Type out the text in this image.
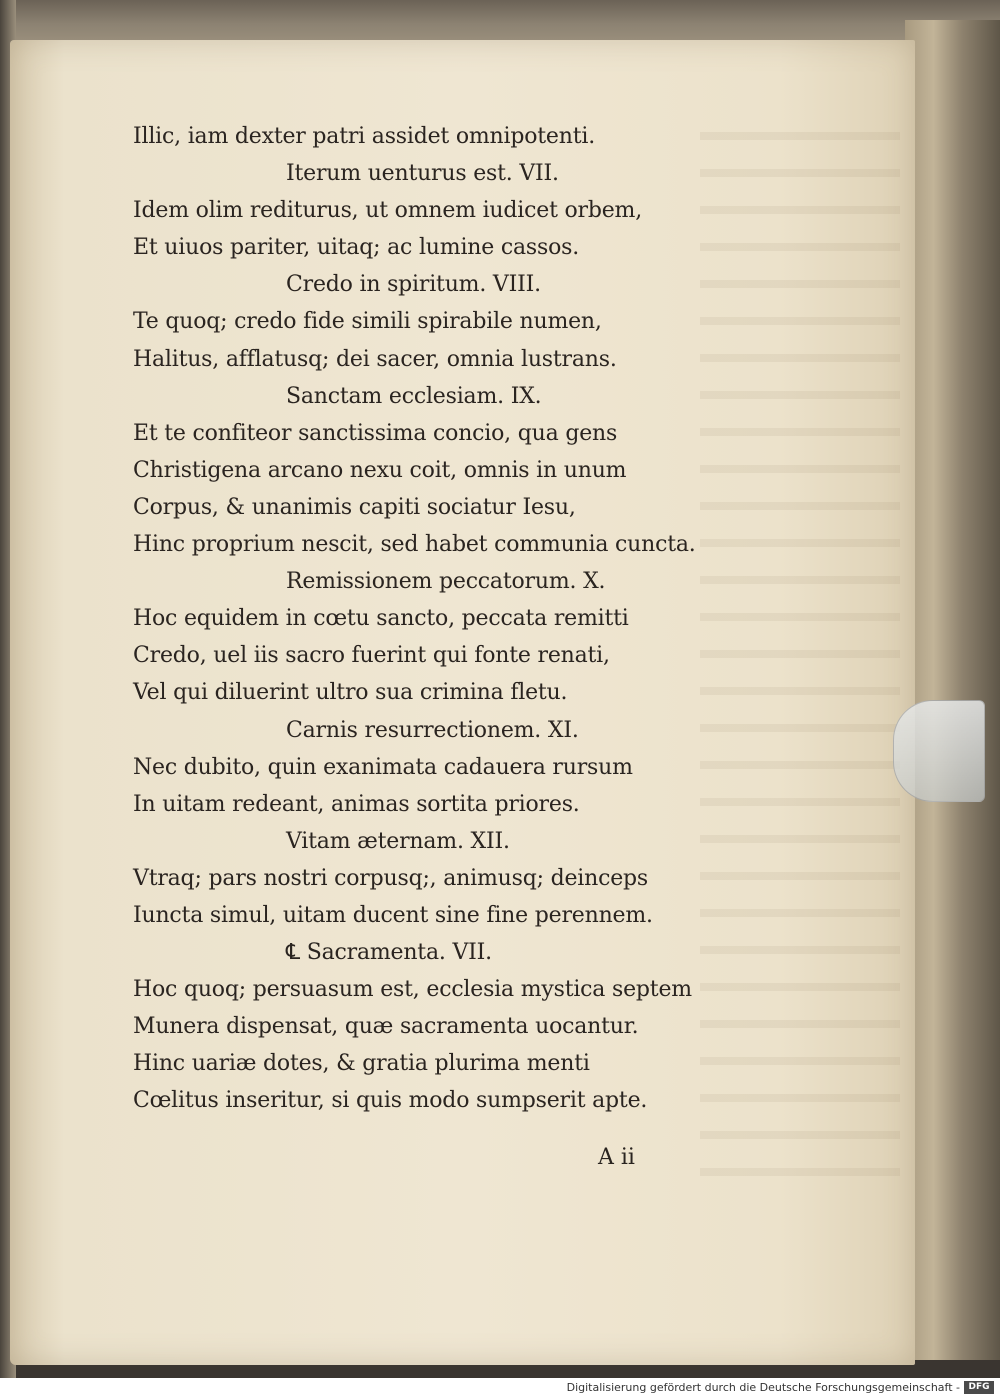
Illic, iam dexter patri assidet omnipotenti.
Iterum uenturus est. VII.
Idem olim rediturus, ut omnem iudicet orbem,
Et uiuos pariter, uitaq; ac lumine cassos.
Credo in spiritum. VIII.
Te quoq; credo fide simili spirabile numen,
Halitus, afflatusq; dei sacer, omnia lustrans.
Sanctam ecclesiam. IX.
Et te confiteor sanctissima concio, qua gens
Christigena arcano nexu coit, omnis in unum
Corpus, & unanimis capiti sociatur Iesu,
Hinc proprium nescit, sed habet communia cuncta.
Remissionem peccatorum. X.
Hoc equidem in cœtu sancto, peccata remitti
Credo, uel iis sacro fuerint qui fonte renati,
Vel qui diluerint ultro sua crimina fletu.
Carnis resurrectionem. XI.
Nec dubito, quin exanimata cadauera rursum
In uitam redeant, animas sortita priores.
Vitam æternam. XII.
Vtraq; pars nostri corpusq;, animusq; deinceps
Iuncta simul, uitam ducent sine fine perennem.
℄ Sacramenta. VII.
Hoc quoq; persuasum est, ecclesia mystica septem
Munera dispensat, quæ sacramenta uocantur.
Hinc uariæ dotes, & gratia plurima menti
Cœlitus inseritur, si quis modo sumpserit apte.
A ii
Digitalisierung gefördert durch die Deutsche Forschungsgemeinschaft - DFG
